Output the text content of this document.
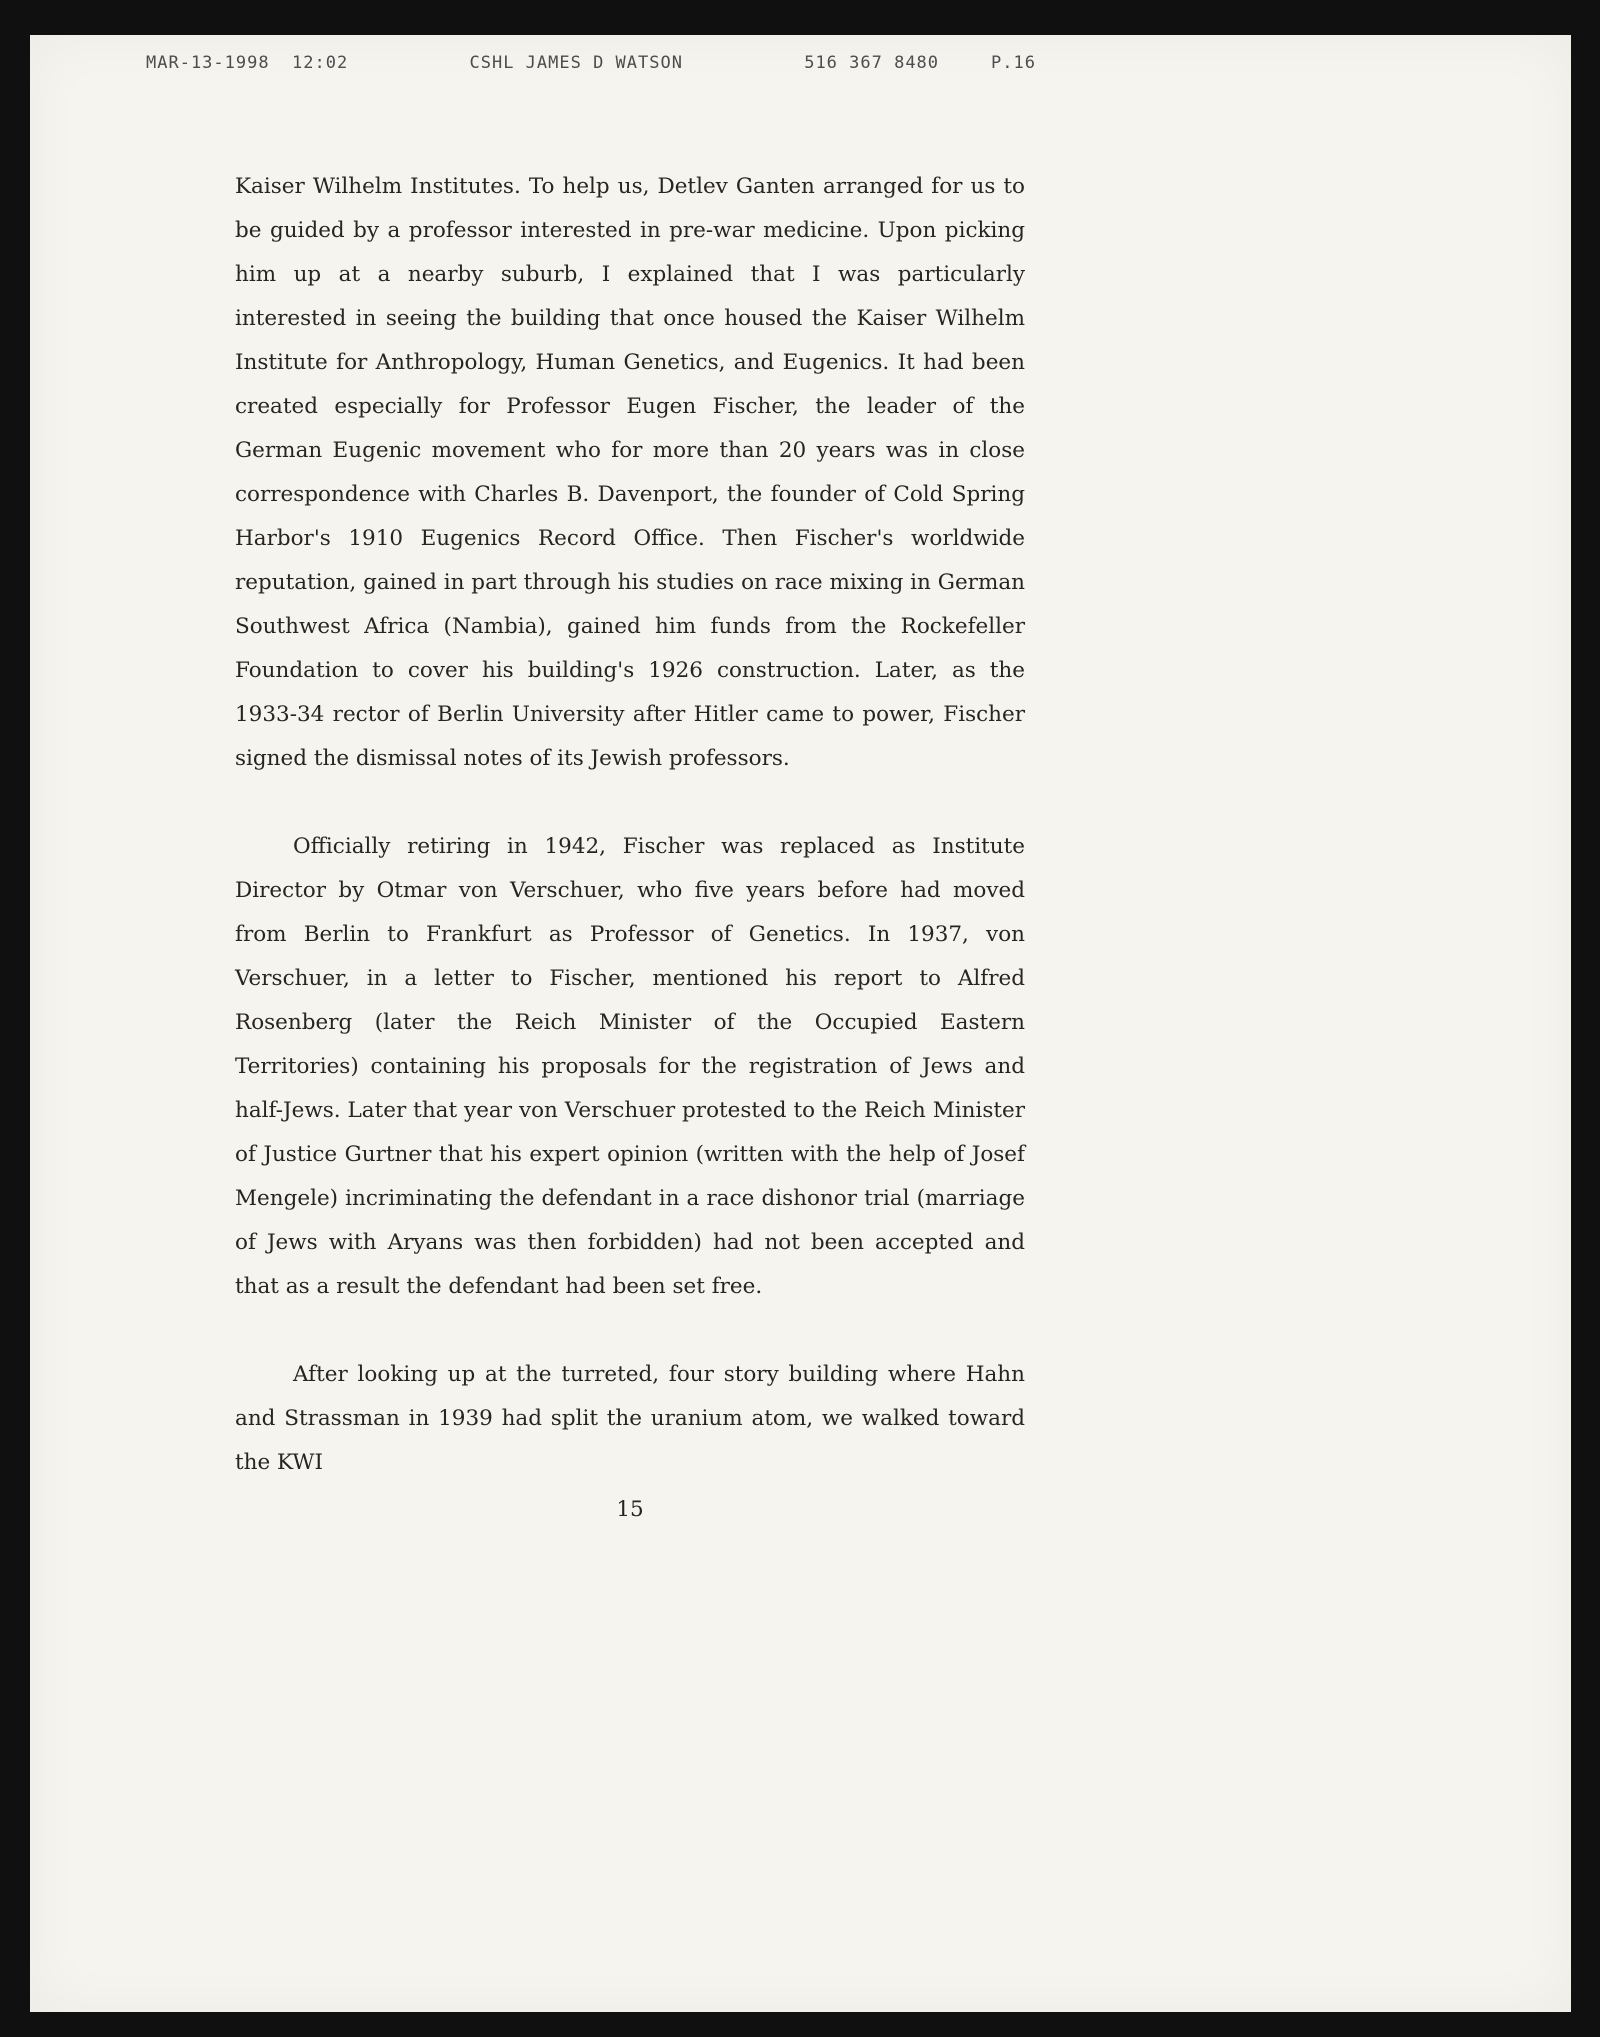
MAR-13-1998  12:02	CSHL JAMES D WATSON	516 367 8480	P.16

Kaiser Wilhelm Institutes. To help us, Detlev Ganten arranged for us to be guided by a professor interested in pre-war medicine. Upon picking him up at a nearby suburb, I explained that I was particularly interested in seeing the building that once housed the Kaiser Wilhelm Institute for Anthropology, Human Genetics, and Eugenics. It had been created especially for Professor Eugen Fischer, the leader of the German Eugenic movement who for more than 20 years was in close correspondence with Charles B. Davenport, the founder of Cold Spring Harbor's 1910 Eugenics Record Office. Then Fischer's worldwide reputation, gained in part through his studies on race mixing in German Southwest Africa (Nambia), gained him funds from the Rockefeller Foundation to cover his building's 1926 construction. Later, as the 1933-34 rector of Berlin University after Hitler came to power, Fischer signed the dismissal notes of its Jewish professors.

Officially retiring in 1942, Fischer was replaced as Institute Director by Otmar von Verschuer, who five years before had moved from Berlin to Frankfurt as Professor of Genetics. In 1937, von Verschuer, in a letter to Fischer, mentioned his report to Alfred Rosenberg (later the Reich Minister of the Occupied Eastern Territories) containing his proposals for the registration of Jews and half-Jews. Later that year von Verschuer protested to the Reich Minister of Justice Gurtner that his expert opinion (written with the help of Josef Mengele) incriminating the defendant in a race dishonor trial (marriage of Jews with Aryans was then forbidden) had not been accepted and that as a result the defendant had been set free.

After looking up at the turreted, four story building where Hahn and Strassman in 1939 had split the uranium atom, we walked toward the KWI

15
